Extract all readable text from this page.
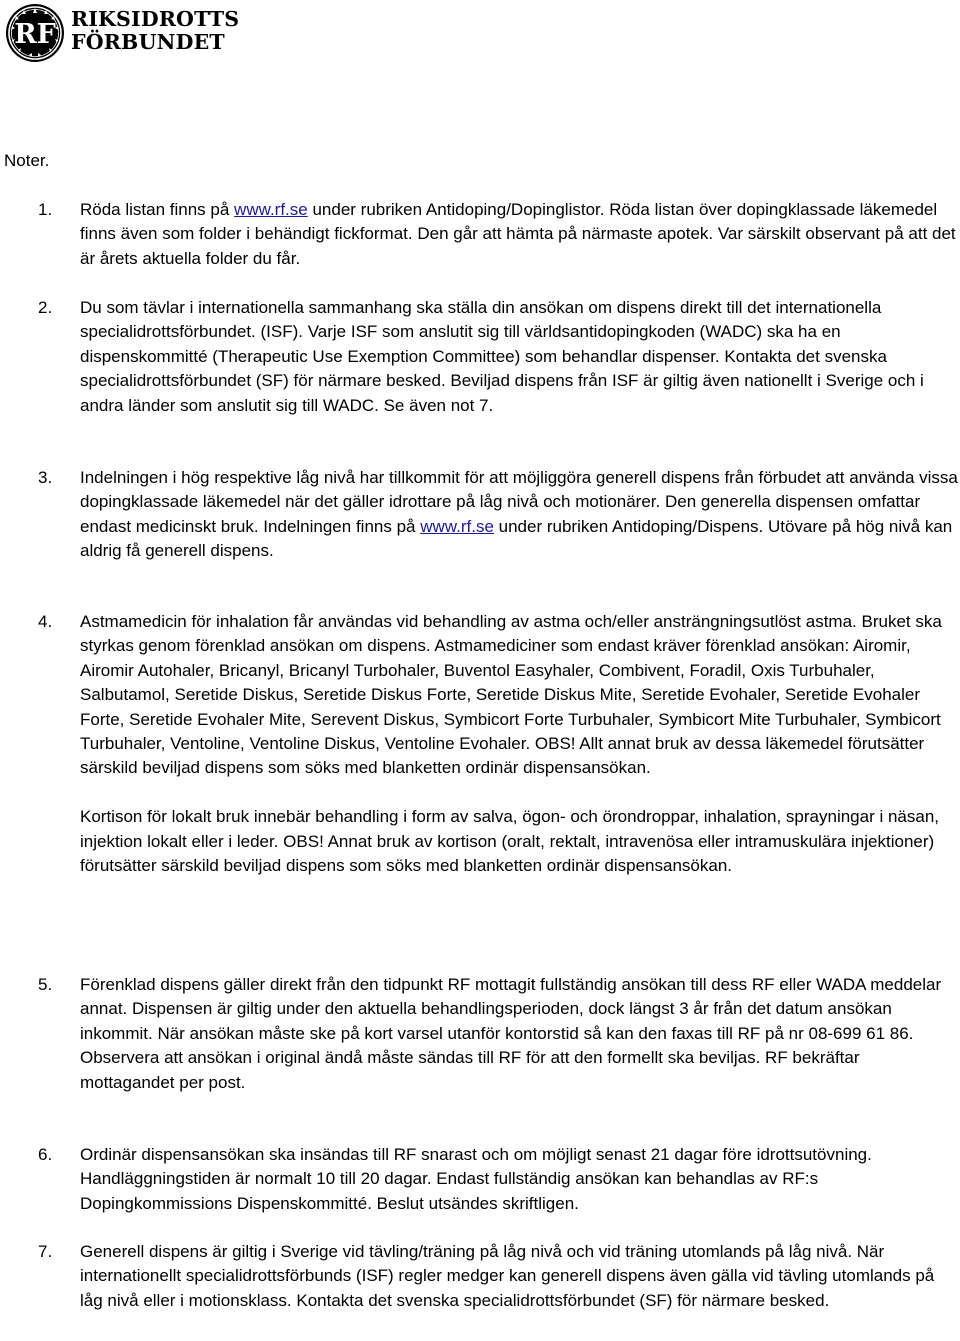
RF RIKSIDROTTS
FÖRBUNDET
Noter.
1.	Röda listan finns på www.rf.se under rubriken Antidoping/Dopinglistor. Röda listan över dopingklassade läkemedel finns även som folder i behändigt fickformat. Den går att hämta på närmaste apotek. Var särskilt observant på att det är årets aktuella folder du får.

2.	Du som tävlar i internationella sammanhang ska ställa din ansökan om dispens direkt till det internationella specialidrottsförbundet. (ISF). Varje ISF som anslutit sig till världsantidopingkoden (WADC) ska ha en dispenskommitté (Therapeutic Use Exemption Committee) som behandlar dispenser. Kontakta det svenska specialidrottsförbundet (SF) för närmare besked. Beviljad dispens från ISF är giltig även nationellt i Sverige och i andra länder som anslutit sig till WADC. Se även not 7.

3.	Indelningen i hög respektive låg nivå har tillkommit för att möjliggöra generell dispens från förbudet att använda vissa dopingklassade läkemedel när det gäller idrottare på låg nivå och motionärer. Den generella dispensen omfattar endast medicinskt bruk. Indelningen finns på www.rf.se under rubriken Antidoping/Dispens. Utövare på hög nivå kan aldrig få generell dispens.

4.	Astmamedicin för inhalation får användas vid behandling av astma och/eller ansträngningsutlöst astma. Bruket ska styrkas genom förenklad ansökan om dispens. Astmamediciner som endast kräver förenklad ansökan: Airomir, Airomir Autohaler, Bricanyl, Bricanyl Turbohaler, Buventol Easyhaler, Combivent, Foradil, Oxis Turbuhaler, Salbutamol, Seretide Diskus, Seretide Diskus Forte, Seretide Diskus Mite, Seretide Evohaler, Seretide Evohaler Forte, Seretide Evohaler Mite, Serevent Diskus, Symbicort Forte Turbuhaler, Symbicort Mite Turbuhaler, Symbicort Turbuhaler, Ventoline, Ventoline Diskus, Ventoline Evohaler. OBS! Allt annat bruk av dessa läkemedel förutsätter särskild beviljad dispens som söks med blanketten ordinär dispensansökan.

Kortison för lokalt bruk innebär behandling i form av salva, ögon- och örondroppar, inhalation, sprayningar i näsan, injektion lokalt eller i leder. OBS! Annat bruk av kortison (oralt, rektalt, intravenösa eller intramuskulära injektioner) förutsätter särskild beviljad dispens som söks med blanketten ordinär dispensansökan.

5.	Förenklad dispens gäller direkt från den tidpunkt RF mottagit fullständig ansökan till dess RF eller WADA meddelar annat. Dispensen är giltig under den aktuella behandlingsperioden, dock längst 3 år från det datum ansökan inkommit. När ansökan måste ske på kort varsel utanför kontorstid så kan den faxas till RF på nr 08-699 61 86. Observera att ansökan i original ändå måste sändas till RF för att den formellt ska beviljas. RF bekräftar mottagandet per post.

6.	Ordinär dispensansökan ska insändas till RF snarast och om möjligt senast 21 dagar före idrottsutövning. Handläggningstiden är normalt 10 till 20 dagar. Endast fullständig ansökan kan behandlas av RF:s Dopingkommissions Dispenskommitté. Beslut utsändes skriftligen.

7.	Generell dispens är giltig i Sverige vid tävling/träning på låg nivå och vid träning utomlands på låg nivå. När internationellt specialidrottsförbunds (ISF) regler medger kan generell dispens även gälla vid tävling utomlands på låg nivå eller i motionsklass. Kontakta det svenska specialidrottsförbundet (SF) för närmare besked.
